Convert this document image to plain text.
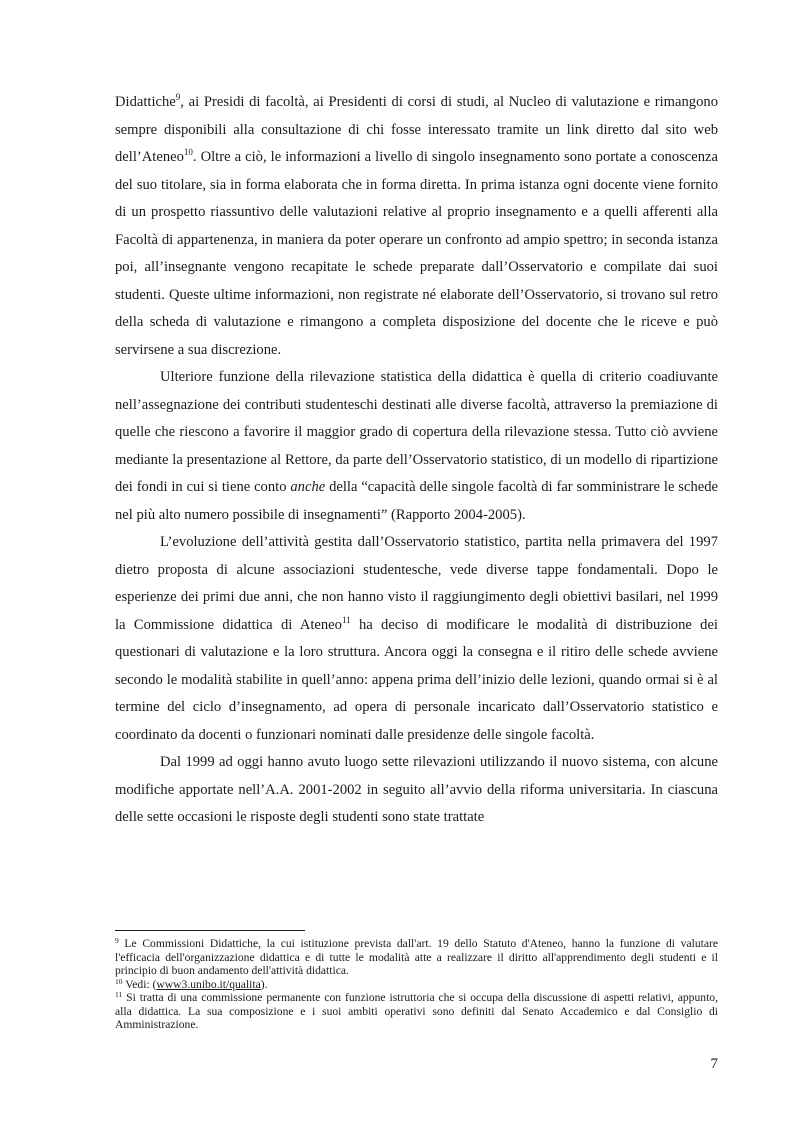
Didattiche$^9$, ai Presidi di facoltà, ai Presidenti di corsi di studi, al Nucleo di valutazione e rimangono sempre disponibili alla consultazione di chi fosse interessato tramite un link diretto dal sito web dell’Ateneo$^{10}$. Oltre a ciò, le informazioni a livello di singolo insegnamento sono portate a conoscenza del suo titolare, sia in forma elaborata che in forma diretta. In prima istanza ogni docente viene fornito di un prospetto riassuntivo delle valutazioni relative al proprio insegnamento e a quelli afferenti alla Facoltà di appartenenza, in maniera da poter operare un confronto ad ampio spettro; in seconda istanza poi, all’insegnante vengono recapitate le schede preparate dall’Osservatorio e compilate dai suoi studenti. Queste ultime informazioni, non registrate né elaborate dell’Osservatorio, si trovano sul retro della scheda di valutazione e rimangono a completa disposizione del docente che le riceve e può servirsene a sua discrezione.

Ulteriore funzione della rilevazione statistica della didattica è quella di criterio coadiuvante nell’assegnazione dei contributi studenteschi destinati alle diverse facoltà, attraverso la premiazione di quelle che riescono a favorire il maggior grado di copertura della rilevazione stessa. Tutto ciò avviene mediante la presentazione al Rettore, da parte dell’Osservatorio statistico, di un modello di ripartizione dei fondi in cui si tiene conto anche della “capacità delle singole facoltà di far somministrare le schede nel più alto numero possibile di insegnamenti” (Rapporto 2004-2005).

L’evoluzione dell’attività gestita dall’Osservatorio statistico, partita nella primavera del 1997 dietro proposta di alcune associazioni studentesche, vede diverse tappe fondamentali. Dopo le esperienze dei primi due anni, che non hanno visto il raggiungimento degli obiettivi basilari, nel 1999 la Commissione didattica di Ateneo$^{11}$ ha deciso di modificare le modalità di distribuzione dei questionari di valutazione e la loro struttura. Ancora oggi la consegna e il ritiro delle schede avviene secondo le modalità stabilite in quell’anno: appena prima dell’inizio delle lezioni, quando ormai si è al termine del ciclo d’insegnamento, ad opera di personale incaricato dall’Osservatorio statistico e coordinato da docenti o funzionari nominati dalle presidenze delle singole facoltà.

Dal 1999 ad oggi hanno avuto luogo sette rilevazioni utilizzando il nuovo sistema, con alcune modifiche apportate nell’A.A. 2001-2002 in seguito all’avvio della riforma universitaria. In ciascuna delle sette occasioni le risposte degli studenti sono state trattate

$^9$ Le Commissioni Didattiche, la cui istituzione prevista dall'art. 19 dello Statuto d'Ateneo, hanno la funzione di valutare l'efficacia dell'organizzazione didattica e di tutte le modalità atte a realizzare il diritto all'apprendimento degli studenti e il principio di buon andamento dell'attività didattica.

$^{10}$ Vedi: (www3.unibo.it/qualita).

$^{11}$ Si tratta di una commissione permanente con funzione istruttoria che si occupa della discussione di aspetti relativi, appunto, alla didattica. La sua composizione e i suoi ambiti operativi sono definiti dal Senato Accademico e dal Consiglio di Amministrazione.

7
